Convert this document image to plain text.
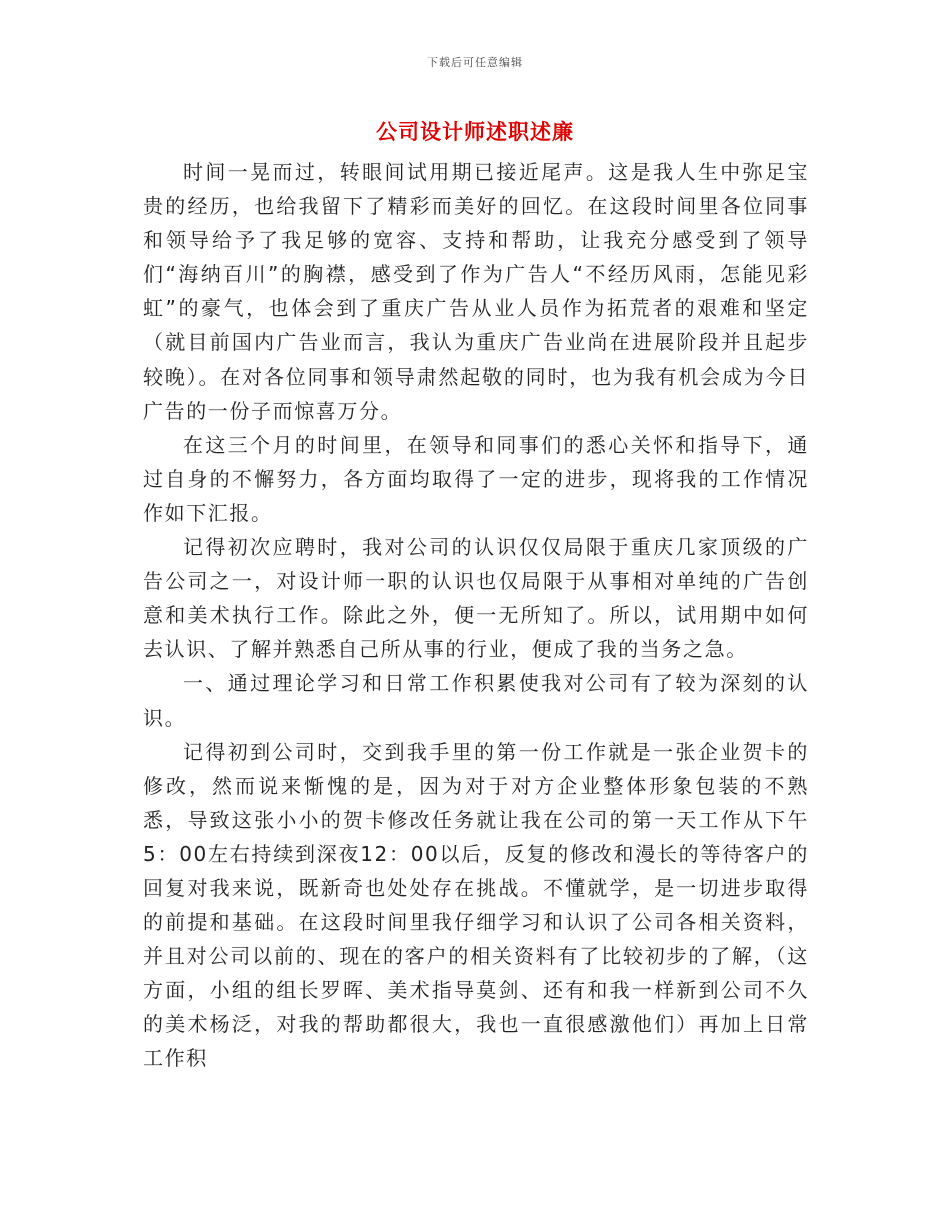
下载后可任意编辑
公司设计师述职述廉

时间一晃而过，转眼间试用期已接近尾声。这是我人生中弥足宝贵的经历，也给我留下了精彩而美好的回忆。在这段时间里各位同事和领导给予了我足够的宽容、支持和帮助，让我充分感受到了领导们“海纳百川”的胸襟，感受到了作为广告人“不经历风雨，怎能见彩虹”的豪气，也体会到了重庆广告从业人员作为拓荒者的艰难和坚定（就目前国内广告业而言，我认为重庆广告业尚在进展阶段并且起步较晚）。在对各位同事和领导肃然起敬的同时，也为我有机会成为今日广告的一份子而惊喜万分。

在这三个月的时间里，在领导和同事们的悉心关怀和指导下，通过自身的不懈努力，各方面均取得了一定的进步，现将我的工作情况作如下汇报。

记得初次应聘时，我对公司的认识仅仅局限于重庆几家顶级的广告公司之一，对设计师一职的认识也仅局限于从事相对单纯的广告创意和美术执行工作。除此之外，便一无所知了。所以，试用期中如何去认识、了解并熟悉自己所从事的行业，便成了我的当务之急。

一、通过理论学习和日常工作积累使我对公司有了较为深刻的认识。

记得初到公司时，交到我手里的第一份工作就是一张企业贺卡的修改，然而说来惭愧的是，因为对于对方企业整体形象包装的不熟悉，导致这张小小的贺卡修改任务就让我在公司的第一天工作从下午5：00左右持续到深夜12：00以后，反复的修改和漫长的等待客户的回复对我来说，既新奇也处处存在挑战。不懂就学，是一切进步取得的前提和基础。在这段时间里我仔细学习和认识了公司各相关资料，并且对公司以前的、现在的客户的相关资料有了比较初步的了解，（这方面，小组的组长罗晖、美术指导莫剑、还有和我一样新到公司不久的美术杨泛，对我的帮助都很大，我也一直很感激他们）再加上日常工作积
